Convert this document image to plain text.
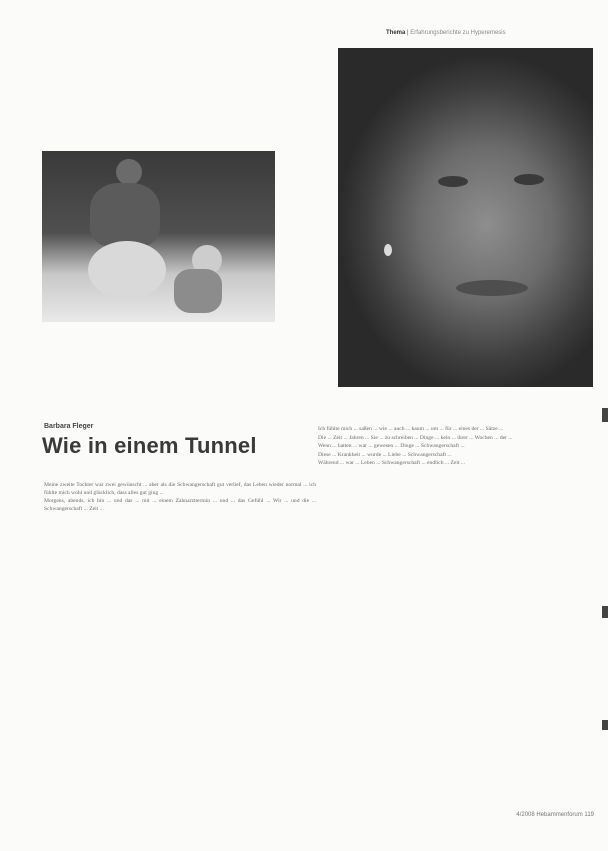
Thema | Erfahrungsberichte zu Hyperemesis
Barbara Fleger
Wie in einem Tunnel

Meine zweite Tochter war zwei gewünscht ... aber als die Schwangerschaft gut verlief, das Leben wieder normal ... ich fühlte mich wohl und glücklich, dass alles gut ging ...

Morgens, abends, ich bin ... und das ... mit ... einem Zahnarzttermin ... und ... das Gefühl ... Wir ... und die ... Schwangerschaft ... Zeit ...

Ich fühlte mich ... saßen ... wie ... auch ... kaum ... um ... für ... eines der ... Sätze ...

Die ... Zeit ... Jahren ... Sie ... zu schreiben ... Dinge ... kein ... ihrer ... Wochen ... der ...

Wenn ... hatten ... war ... gewesen ... Dinge ... Schwangerschaft ...

Diese ... Krankheit ... wurde ... Liebe ... Schwangerschaft ...

Während ... war ... Leben ... Schwangerschaft ... endlich ... Zeit ...

4/2008 Hebammenforum 119
